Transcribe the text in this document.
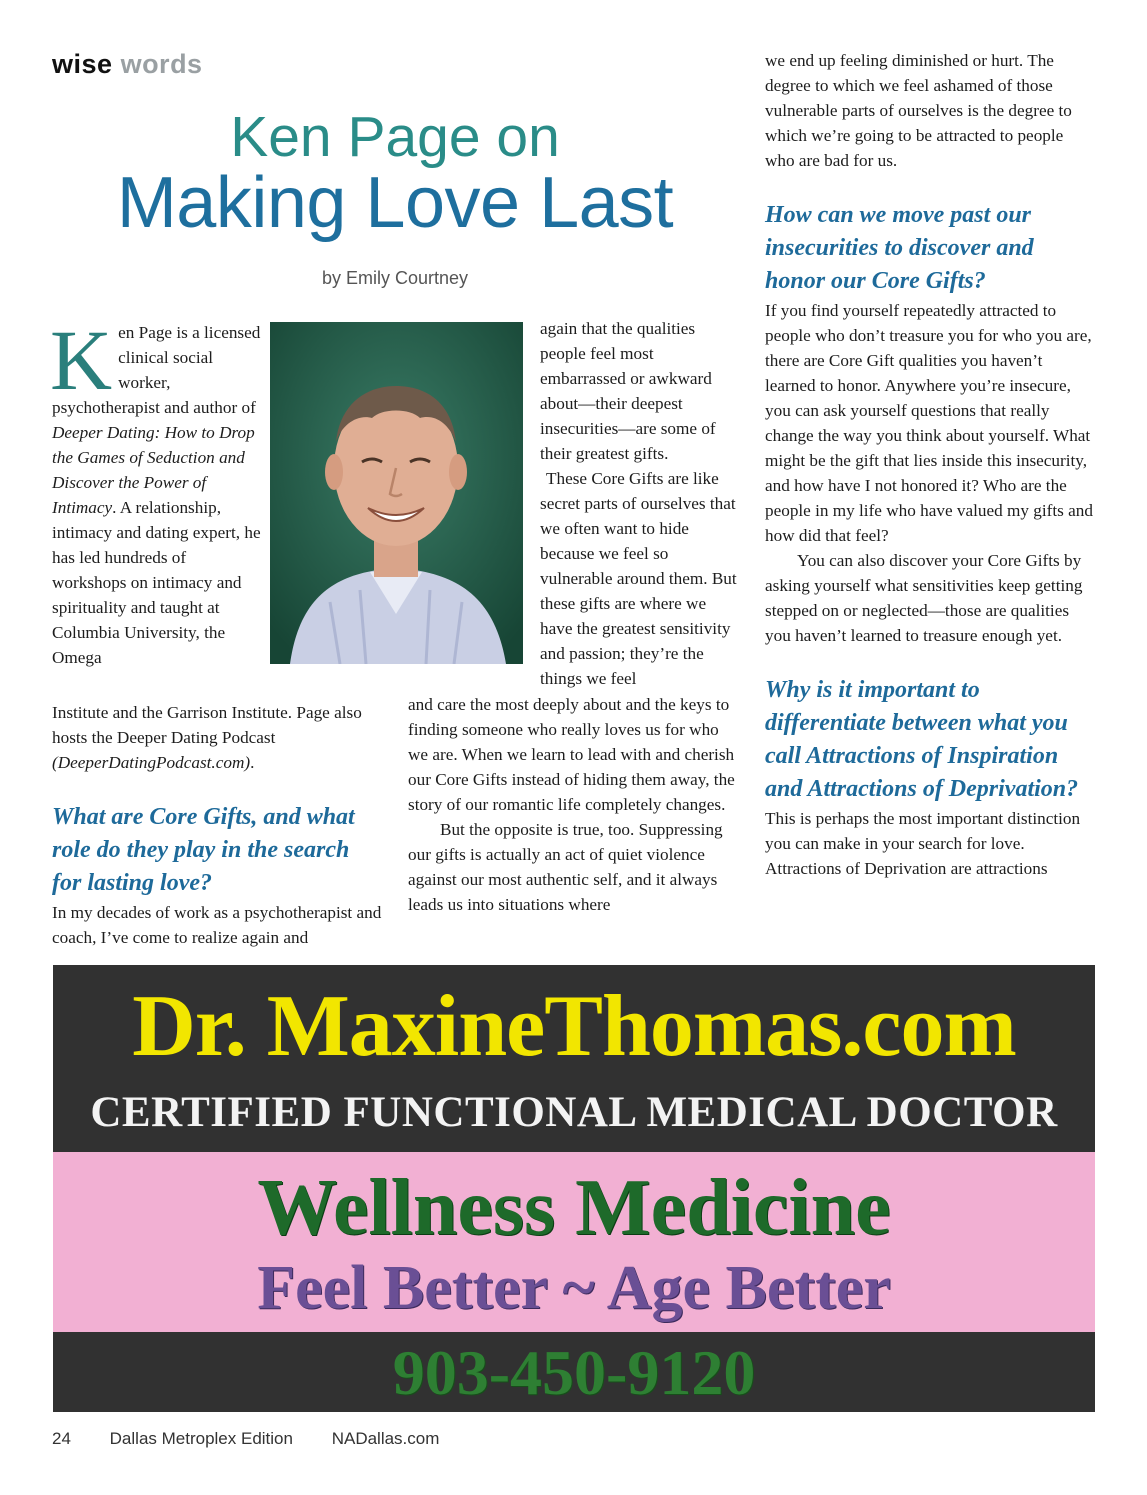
wise words
Ken Page on
Making Love Last
by Emily Courtney
Ken Page is a licensed clinical social worker, psychotherapist and author of Deeper Dating: How to Drop the Games of Seduction and Discover the Power of Intimacy. A relationship, intimacy and dating expert, he has led hundreds of workshops on intimacy and spirituality and taught at Columbia University, the Omega

again that the qualities people feel most embarrassed or awkward about—their deepest insecurities—are some of their greatest gifts.

These Core Gifts are like secret parts of ourselves that we often want to hide because we feel so vulnerable around them. But these gifts are where we have the greatest sensitivity and passion; they’re the things we feel

Institute and the Garrison Institute. Page also hosts the Deeper Dating Podcast (DeeperDatingPodcast.com).

What are Core Gifts, and what role do they play in the search for lasting love?

In my decades of work as a psychotherapist and coach, I’ve come to realize again and

and care the most deeply about and the keys to finding someone who really loves us for who we are. When we learn to lead with and cherish our Core Gifts instead of hiding them away, the story of our romantic life completely changes.

But the opposite is true, too. Suppressing our gifts is actually an act of quiet violence against our most authentic self, and it always leads us into situations where

we end up feeling diminished or hurt. The degree to which we feel ashamed of those vulnerable parts of ourselves is the degree to which we’re going to be attracted to people who are bad for us.

How can we move past our insecurities to discover and honor our Core Gifts?

If you find yourself repeatedly attracted to people who don’t treasure you for who you are, there are Core Gift qualities you haven’t learned to honor. Anywhere you’re insecure, you can ask yourself questions that really change the way you think about yourself. What might be the gift that lies inside this insecurity, and how have I not honored it? Who are the people in my life who have valued my gifts and how did that feel?

You can also discover your Core Gifts by asking yourself what sensitivities keep getting stepped on or neglected—those are qualities you haven’t learned to treasure enough yet.

Why is it important to differentiate between what you call Attractions of Inspiration and Attractions of Deprivation?

This is perhaps the most important distinction you can make in your search for love. Attractions of Deprivation are attractions

Dr. MaxineThomas.com
CERTIFIED FUNCTIONAL MEDICAL DOCTOR
Wellness Medicine
Feel Better ~ Age Better
903-450-9120
24 Dallas Metroplex Edition NADallas.com
